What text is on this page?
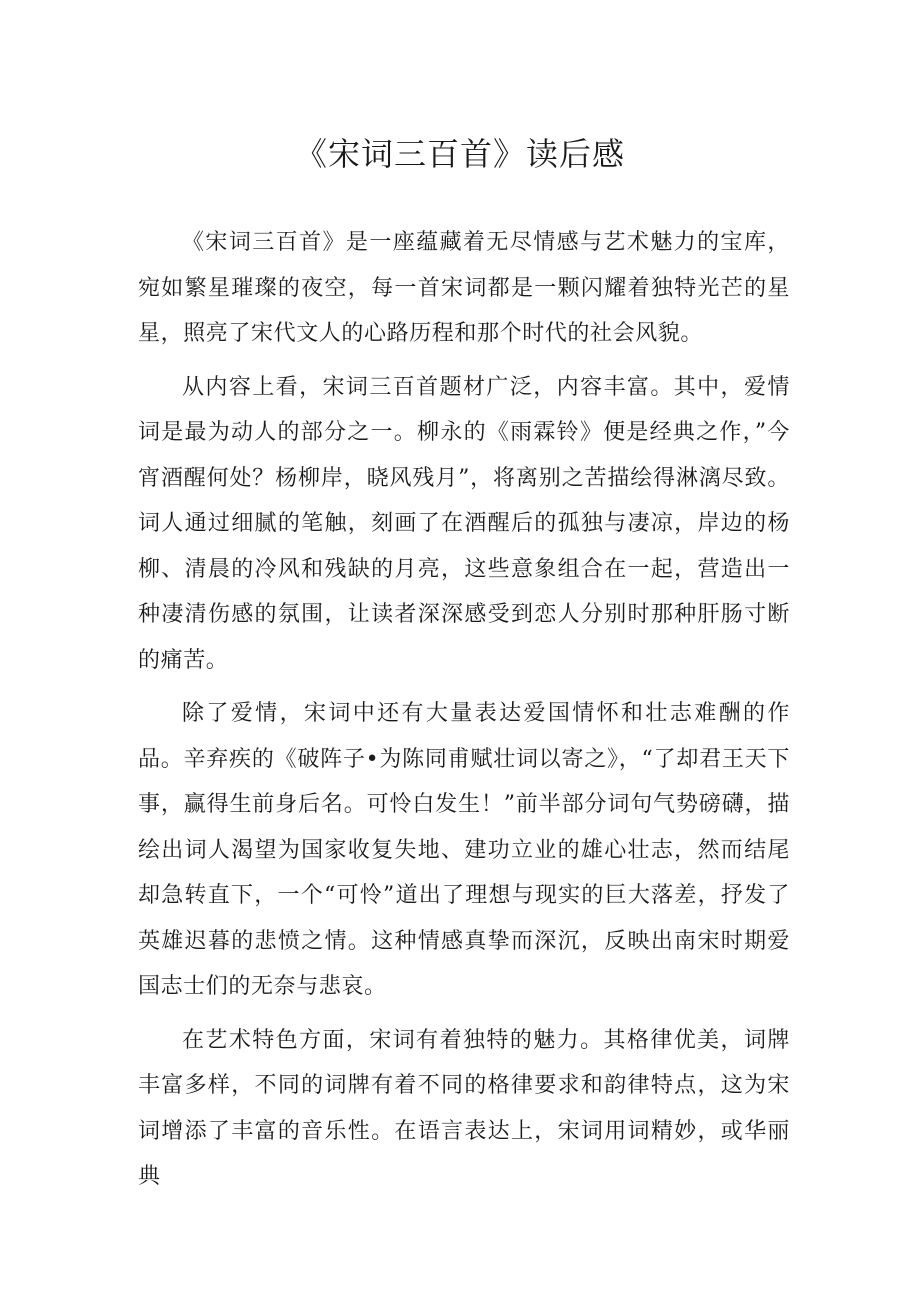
《宋词三百首》读后感

《宋词三百首》是一座蕴藏着无尽情感与艺术魅力的宝库，宛如繁星璀璨的夜空，每一首宋词都是一颗闪耀着独特光芒的星星，照亮了宋代文人的心路历程和那个时代的社会风貌。

从内容上看，宋词三百首题材广泛，内容丰富。其中，爱情词是最为动人的部分之一。柳永的《雨霖铃》便是经典之作，”今宵酒醒何处？杨柳岸，晓风残月”，将离别之苦描绘得淋漓尽致。词人通过细腻的笔触，刻画了在酒醒后的孤独与凄凉，岸边的杨柳、清晨的冷风和残缺的月亮，这些意象组合在一起，营造出一种凄清伤感的氛围，让读者深深感受到恋人分别时那种肝肠寸断的痛苦。

除了爱情，宋词中还有大量表达爱国情怀和壮志难酬的作品。辛弃疾的《破阵子•为陈同甫赋壮词以寄之》，“了却君王天下事，赢得生前身后名。可怜白发生！”前半部分词句气势磅礴，描绘出词人渴望为国家收复失地、建功立业的雄心壮志，然而结尾却急转直下，一个“可怜”道出了理想与现实的巨大落差，抒发了英雄迟暮的悲愤之情。这种情感真挚而深沉，反映出南宋时期爱国志士们的无奈与悲哀。

在艺术特色方面，宋词有着独特的魅力。其格律优美，词牌丰富多样，不同的词牌有着不同的格律要求和韵律特点，这为宋词增添了丰富的音乐性。在语言表达上，宋词用词精妙，或华丽典
